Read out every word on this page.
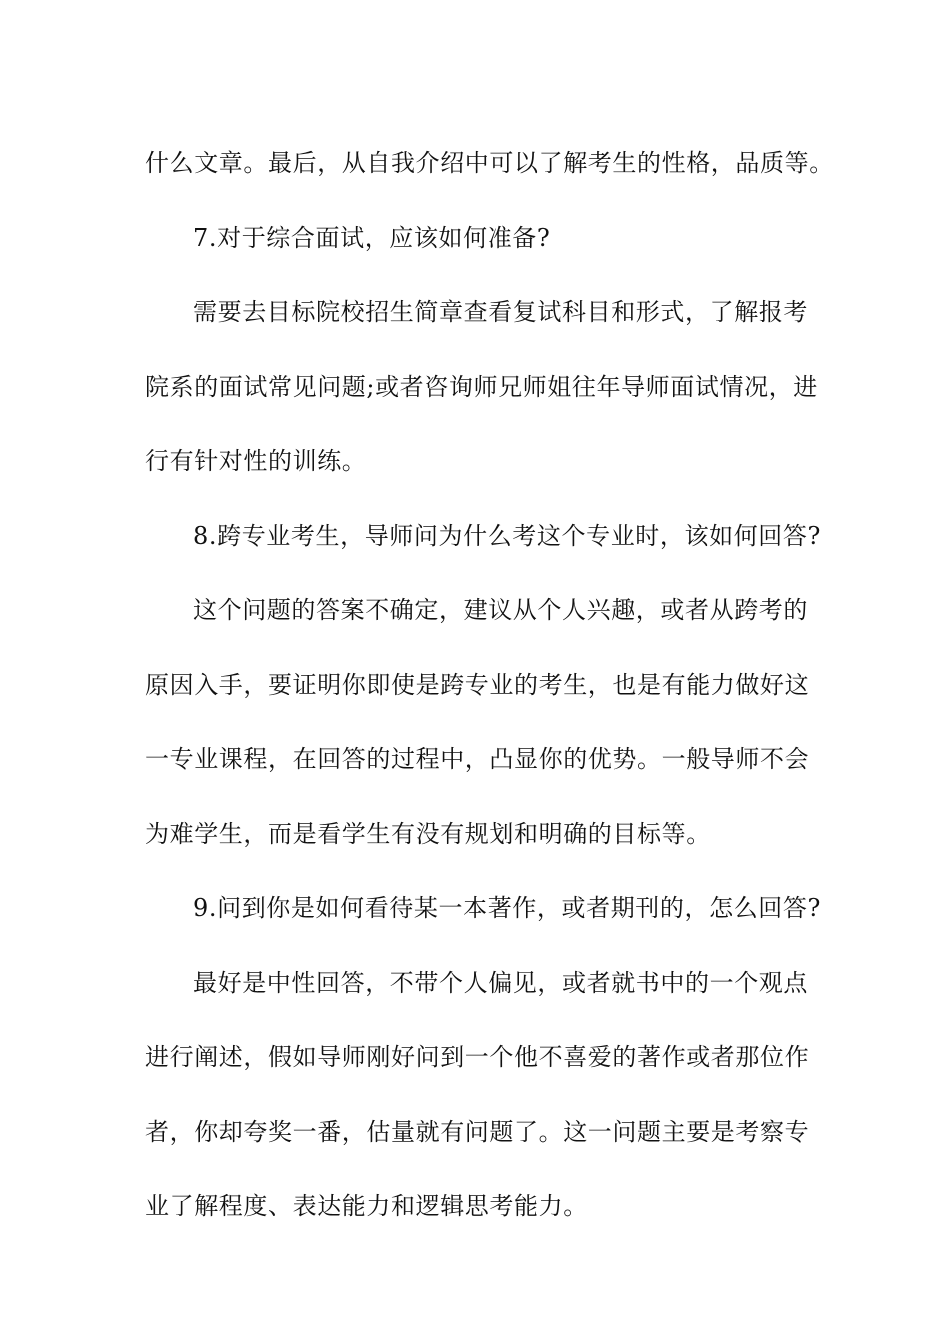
什么文章。最后，从自我介绍中可以了解考生的性格，品质等。
7.对于综合面试，应该如何准备?
需要去目标院校招生简章查看复试科目和形式，了解报考
院系的面试常见问题;或者咨询师兄师姐往年导师面试情况，进
行有针对性的训练。
8.跨专业考生，导师问为什么考这个专业时，该如何回答?
这个问题的答案不确定，建议从个人兴趣，或者从跨考的
原因入手，要证明你即使是跨专业的考生，也是有能力做好这
一专业课程，在回答的过程中，凸显你的优势。一般导师不会
为难学生，而是看学生有没有规划和明确的目标等。
9.问到你是如何看待某一本著作，或者期刊的，怎么回答?
最好是中性回答，不带个人偏见，或者就书中的一个观点
进行阐述，假如导师刚好问到一个他不喜爱的著作或者那位作
者，你却夸奖一番，估量就有问题了。这一问题主要是考察专
业了解程度、表达能力和逻辑思考能力。
